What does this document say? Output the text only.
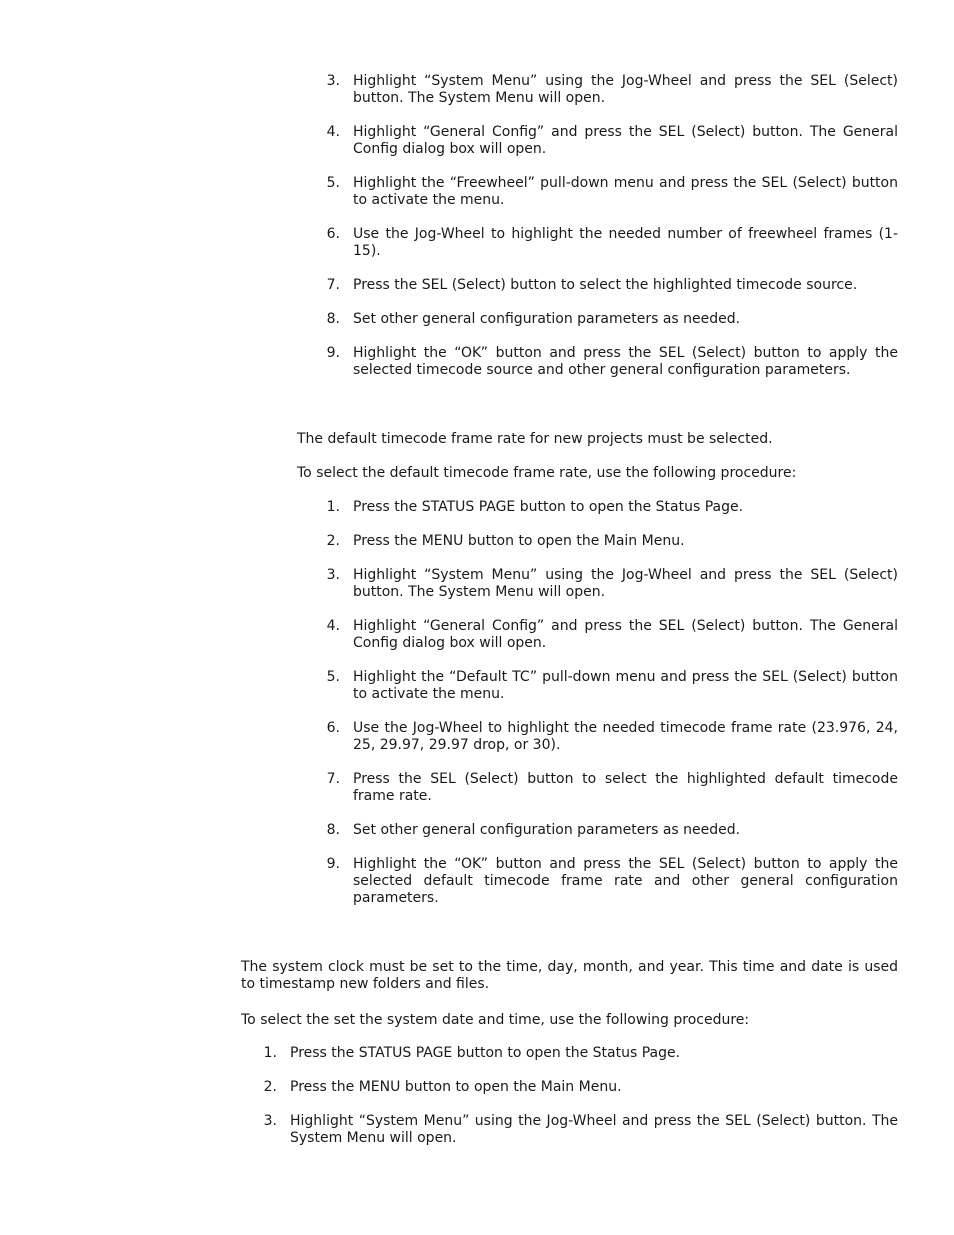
3. Highlight “System Menu” using the Jog-Wheel and press the SEL (Select) button. The System Menu will open.
4. Highlight “General Config” and press the SEL (Select) button. The General Config dialog box will open.
5. Highlight the “Freewheel” pull-down menu and press the SEL (Select) button to activate the menu.
6. Use the Jog-Wheel to highlight the needed number of freewheel frames (1-15).
7. Press the SEL (Select) button to select the highlighted timecode source.
8. Set other general configuration parameters as needed.
9. Highlight the “OK” button and press the SEL (Select) button to apply the selected timecode source and other general configuration parameters.

The default timecode frame rate for new projects must be selected.

To select the default timecode frame rate, use the following procedure:

1. Press the STATUS PAGE button to open the Status Page.
2. Press the MENU button to open the Main Menu.
3. Highlight “System Menu” using the Jog-Wheel and press the SEL (Select) button. The System Menu will open.
4. Highlight “General Config” and press the SEL (Select) button. The General Config dialog box will open.
5. Highlight the “Default TC” pull-down menu and press the SEL (Select) button to activate the menu.
6. Use the Jog-Wheel to highlight the needed timecode frame rate (23.976, 24, 25, 29.97, 29.97 drop, or 30).
7. Press the SEL (Select) button to select the highlighted default timecode frame rate.
8. Set other general configuration parameters as needed.
9. Highlight the “OK” button and press the SEL (Select) button to apply the selected default timecode frame rate and other general configuration parameters.

The system clock must be set to the time, day, month, and year. This time and date is used to timestamp new folders and files.

To select the set the system date and time, use the following procedure:

1. Press the STATUS PAGE button to open the Status Page.
2. Press the MENU button to open the Main Menu.
3. Highlight “System Menu” using the Jog-Wheel and press the SEL (Select) button. The System Menu will open.
